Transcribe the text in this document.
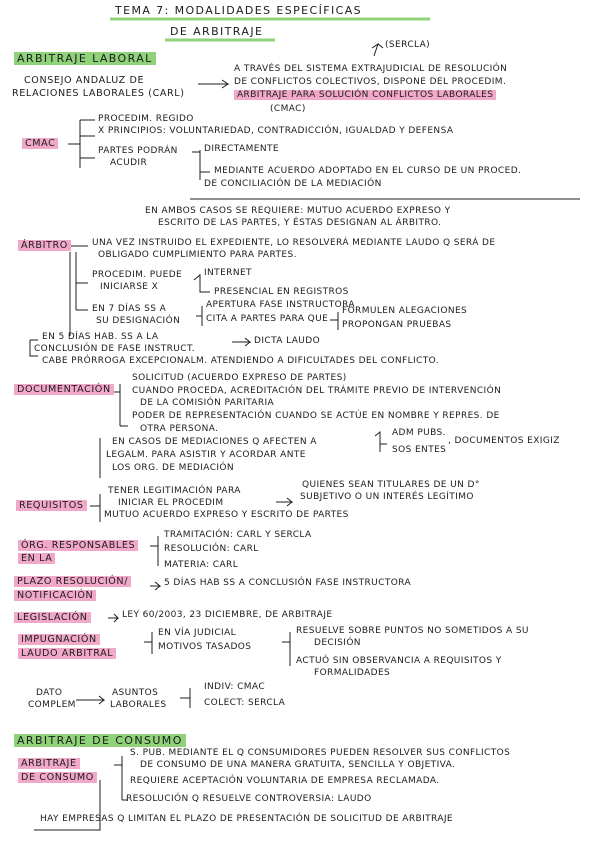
TEMA 7: MODALIDADES ESPECÍFICAS
DE ARBITRAJE
ARBITRAJE LABORAL
(SERCLA)
CONSEJO ANDALUZ DE
RELACIONES LABORALES (CARL)
A TRAVÉS DEL SISTEMA EXTRAJUDICIAL DE RESOLUCIÓN
DE CONFLICTOS COLECTIVOS, DISPONE DEL PROCEDIM.
ARBITRAJE PARA SOLUCIÓN CONFLICTOS LABORALES
(CMAC)
CMAC
PROCEDIM. REGIDO
X PRINCIPIOS: VOLUNTARIEDAD, CONTRADICCIÓN, IGUALDAD Y DEFENSA
PARTES PODRÁN
ACUDIR
DIRECTAMENTE
MEDIANTE ACUERDO ADOPTADO EN EL CURSO DE UN PROCED.
DE CONCILIACIÓN DE LA MEDIACIÓN
EN AMBOS CASOS SE REQUIERE: MUTUO ACUERDO EXPRESO Y
ESCRITO DE LAS PARTES, Y ÉSTAS DESIGNAN AL ÁRBITRO.
ÁRBITRO	UNA VEZ INSTRUIDO EL EXPEDIENTE, LO RESOLVERÁ MEDIANTE LAUDO Q SERÁ DE
OBLIGADO CUMPLIMIENTO PARA PARTES.
PROCEDIM. PUEDE
INICIARSE X
INTERNET
PRESENCIAL EN REGISTROS
EN 7 DÍAS SS A
SU DESIGNACIÓN
APERTURA FASE INSTRUCTORA
CITA A PARTES PARA QUE
FORMULEN ALEGACIONES
PROPONGAN PRUEBAS
EN 5 DÍAS HAB. SS A LA
CONCLUSIÓN DE FASE INSTRUCT.
DICTA LAUDO
CABE PRÓRROGA EXCEPCIONALM. ATENDIENDO A DIFICULTADES DEL CONFLICTO.
DOCUMENTACIÓN
SOLICITUD (ACUERDO EXPRESO DE PARTES)
CUANDO PROCEDA, ACREDITACIÓN DEL TRÁMITE PREVIO DE INTERVENCIÓN
DE LA COMISIÓN PARITARIA
PODER DE REPRESENTACIÓN CUANDO SE ACTÚE EN NOMBRE Y REPRES. DE
OTRA PERSONA.
EN CASOS DE MEDIACIONES Q AFECTEN A
ADM PUBS.
SOS ENTES
, DOCUMENTOS EXIGIZ
LEGALM. PARA ASISTIR Y ACORDAR ANTE
LOS ORG. DE MEDIACIÓN
REQUISITOS
TENER LEGITIMACIÓN PARA
INICIAR EL PROCEDIM
QUIENES SEAN TITULARES DE UN D°
SUBJETIVO O UN INTERÉS LEGÍTIMO
MUTUO ACUERDO EXPRESO Y ESCRITO DE PARTES
ÓRG. RESPONSABLES
EN LA
TRAMITACIÓN: CARL Y SERCLA
RESOLUCIÓN: CARL
MATERIA: CARL
PLAZO RESOLUCIÓN/
NOTIFICACIÓN
5 DÍAS HAB SS A CONCLUSIÓN FASE INSTRUCTORA
LEGISLACIÓN	LEY 60/2003, 23 DICIEMBRE, DE ARBITRAJE
IMPUGNACIÓN
LAUDO ARBITRAL
EN VÍA JUDICIAL
MOTIVOS TASADOS
RESUELVE SOBRE PUNTOS NO SOMETIDOS A SU
DECISIÓN
ACTUÓ SIN OBSERVANCIA A REQUISITOS Y
FORMALIDADES
DATO
COMPLEM
ASUNTOS
LABORALES
INDIV: CMAC
COLECT: SERCLA
ARBITRAJE DE CONSUMO
ARBITRAJE
DE CONSUMO
S. PUB. MEDIANTE EL Q CONSUMIDORES PUEDEN RESOLVER SUS CONFLICTOS
DE CONSUMO DE UNA MANERA GRATUITA, SENCILLA Y OBJETIVA.
REQUIERE ACEPTACIÓN VOLUNTARIA DE EMPRESA RECLAMADA.
RESOLUCIÓN Q RESUELVE CONTROVERSIA: LAUDO
HAY EMPRESAS Q LIMITAN EL PLAZO DE PRESENTACIÓN DE SOLICITUD DE ARBITRAJE
